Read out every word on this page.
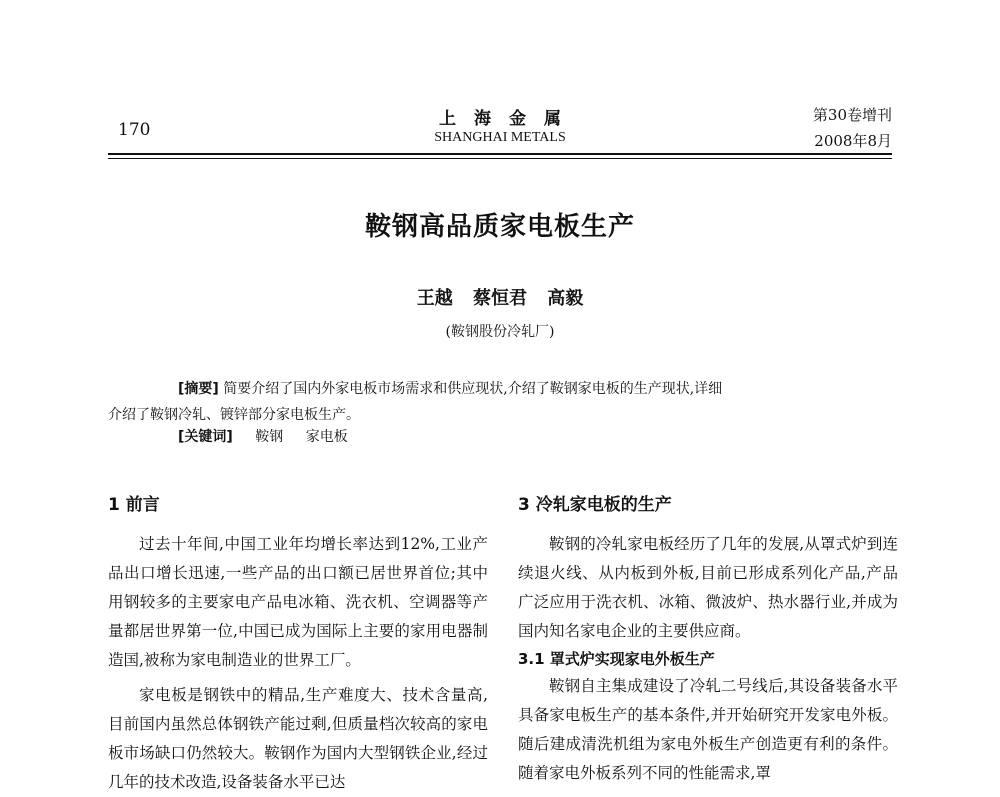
170
上海金属
SHANGHAI METALS
第30卷增刊
2008年8月
鞍钢高品质家电板生产
王越 蔡恒君 高毅
(鞍钢股份冷轧厂)
[摘要] 简要介绍了国内外家电板市场需求和供应现状,介绍了鞍钢家电板的生产现状,详细
介绍了鞍钢冷轧、镀锌部分家电板生产。
[关键词] 鞍钢 家电板
1 前言

过去十年间,中国工业年均增长率达到12%,工业产品出口增长迅速,一些产品的出口额已居世界首位;其中用钢较多的主要家电产品电冰箱、洗衣机、空调器等产量都居世界第一位,中国已成为国际上主要的家用电器制造国,被称为家电制造业的世界工厂。

家电板是钢铁中的精品,生产难度大、技术含量高,目前国内虽然总体钢铁产能过剩,但质量档次较高的家电板市场缺口仍然较大。鞍钢作为国内大型钢铁企业,经过几年的技术改造,设备装备水平已达

3 冷轧家电板的生产

鞍钢的冷轧家电板经历了几年的发展,从罩式炉到连续退火线、从内板到外板,目前已形成系列化产品,产品广泛应用于洗衣机、冰箱、微波炉、热水器行业,并成为国内知名家电企业的主要供应商。

3.1 罩式炉实现家电外板生产

鞍钢自主集成建设了冷轧二号线后,其设备装备水平具备家电板生产的基本条件,并开始研究开发家电外板。随后建成清洗机组为家电外板生产创造更有利的条件。随着家电外板系列不同的性能需求,罩
